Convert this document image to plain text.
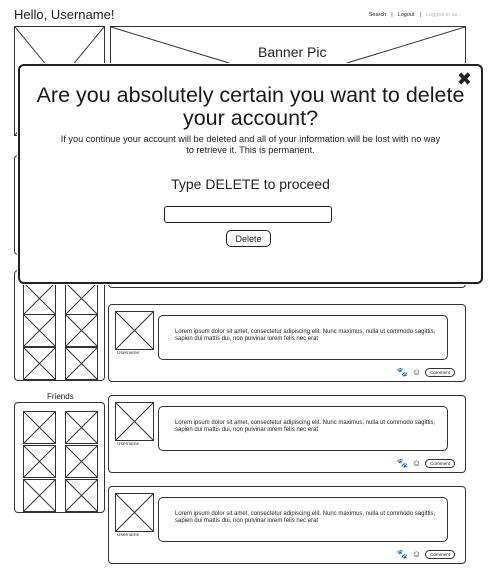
Hello, Username!	Search | Logout | Logged in as...
Banner Pic
Friends
Username
Lorem ipsum dolor sit amet, consectetur adipiscing elit. Nunc maximus, nulla ut commodo sagittis, sapien dui mattis dui, non pulvinar lorem felis nec erat
🐾 ☺	Comment
Username
Lorem ipsum dolor sit amet, consectetur adipiscing elit. Nunc maximus, nulla ut commodo sagittis, sapien dui mattis dui, non pulvinar lorem felis nec erat
🐾 ☺	Comment
Username
Lorem ipsum dolor sit amet, consectetur adipiscing elit. Nunc maximus, nulla ut commodo sagittis, sapien dui mattis dui, non pulvinar lorem felis nec erat
🐾 ☺	Comment
✖
Are you absolutely certain you want to delete your account?
If you continue your account will be deleted and all of your information will be lost with no way to retrieve it. This is permanent.
Type DELETE to proceed
Delete
